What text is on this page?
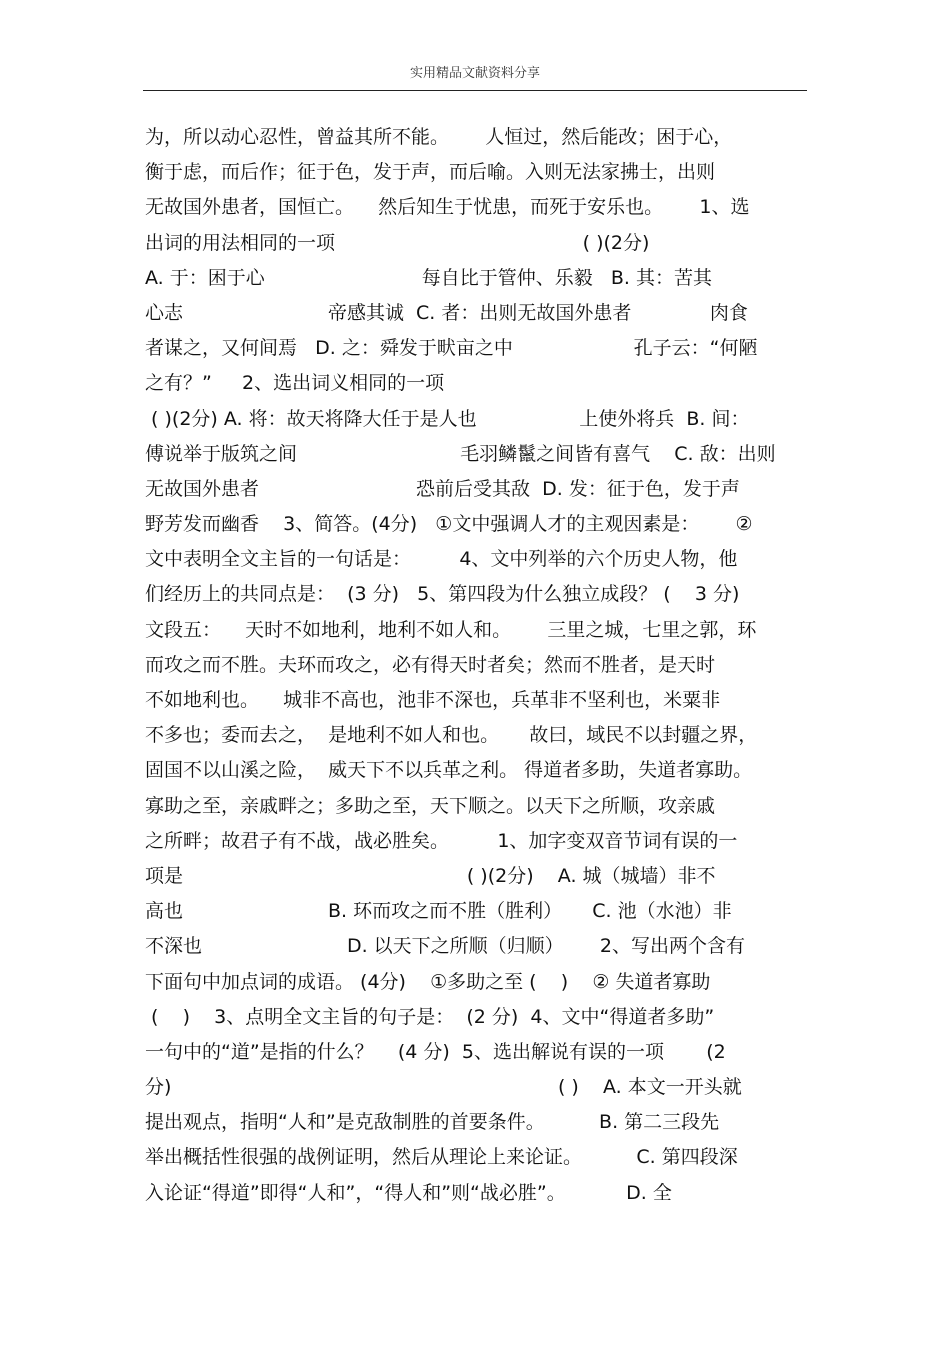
实用精品文献资料分享
为，所以动心忍性，曾益其所不能。      人恒过，然后能改；困于心，
衡于虑，而后作；征于色，发于声，而后喻。入则无法家拂士，出则
无故国外患者，国恒亡。    然后知生于忧患，而死于安乐也。      1、选
出词的用法相同的一项                                         ( )(2分)
A. 于：困于心                          每自比于管仲、乐毅   B. 其：苦其
心志                        帝感其诚  C. 者：出则无故国外患者             肉食
者谋之，又何间焉   D. 之：舜发于畎亩之中                    孔子云：“何陋
之有？”     2、选出词义相同的一项
( )(2分) A. 将：故天将降大任于是人也                 上使外将兵  B. 间：
傅说举于版筑之间                           毛羽鳞鬣之间皆有喜气    C. 敌：出则
无故国外患者                          恐前后受其敌  D. 发：征于色，发于声
野芳发而幽香    3、简答。(4分)   ①文中强调人才的主观因素是：      ②
文中表明全文主旨的一句话是：        4、文中列举的六个历史人物，他
们经历上的共同点是：  (3 分)   5、第四段为什么独立成段？ (    3 分)
文段五：    天时不如地利，地利不如人和。      三里之城，七里之郭，环
而攻之而不胜。夫环而攻之，必有得天时者矣；然而不胜者，是天时
不如地利也。    城非不高也，池非不深也，兵革非不坚利也，米粟非
不多也；委而去之，  是地利不如人和也。     故曰，域民不以封疆之界，
固国不以山溪之险，  威天下不以兵革之利。 得道者多助，失道者寡助。
寡助之至，亲戚畔之；多助之至，天下顺之。以天下之所顺，攻亲戚
之所畔；故君子有不战，战必胜矣。        1、加字变双音节词有误的一
项是                                               ( )(2分)    A. 城（城墙）非不
高也                        B. 环而攻之而不胜（胜利）     C. 池（水池）非
不深也                        D. 以天下之所顺（归顺）      2、写出两个含有
下面句中加点词的成语。 (4分)    ①多助之至 (    )    ② 失道者寡助
(    )    3、点明全文主旨的句子是：  (2 分)  4、文中“得道者多助”
一句中的“道”是指的什么？    (4 分)  5、选出解说有误的一项       (2
分)                                                                ( )    A. 本文一开头就
提出观点，指明“人和”是克敌制胜的首要条件。         B. 第二三段先
举出概括性很强的战例证明，然后从理论上来论证。         C. 第四段深
入论证“得道”即得“人和”，“得人和”则“战必胜”。          D. 全
